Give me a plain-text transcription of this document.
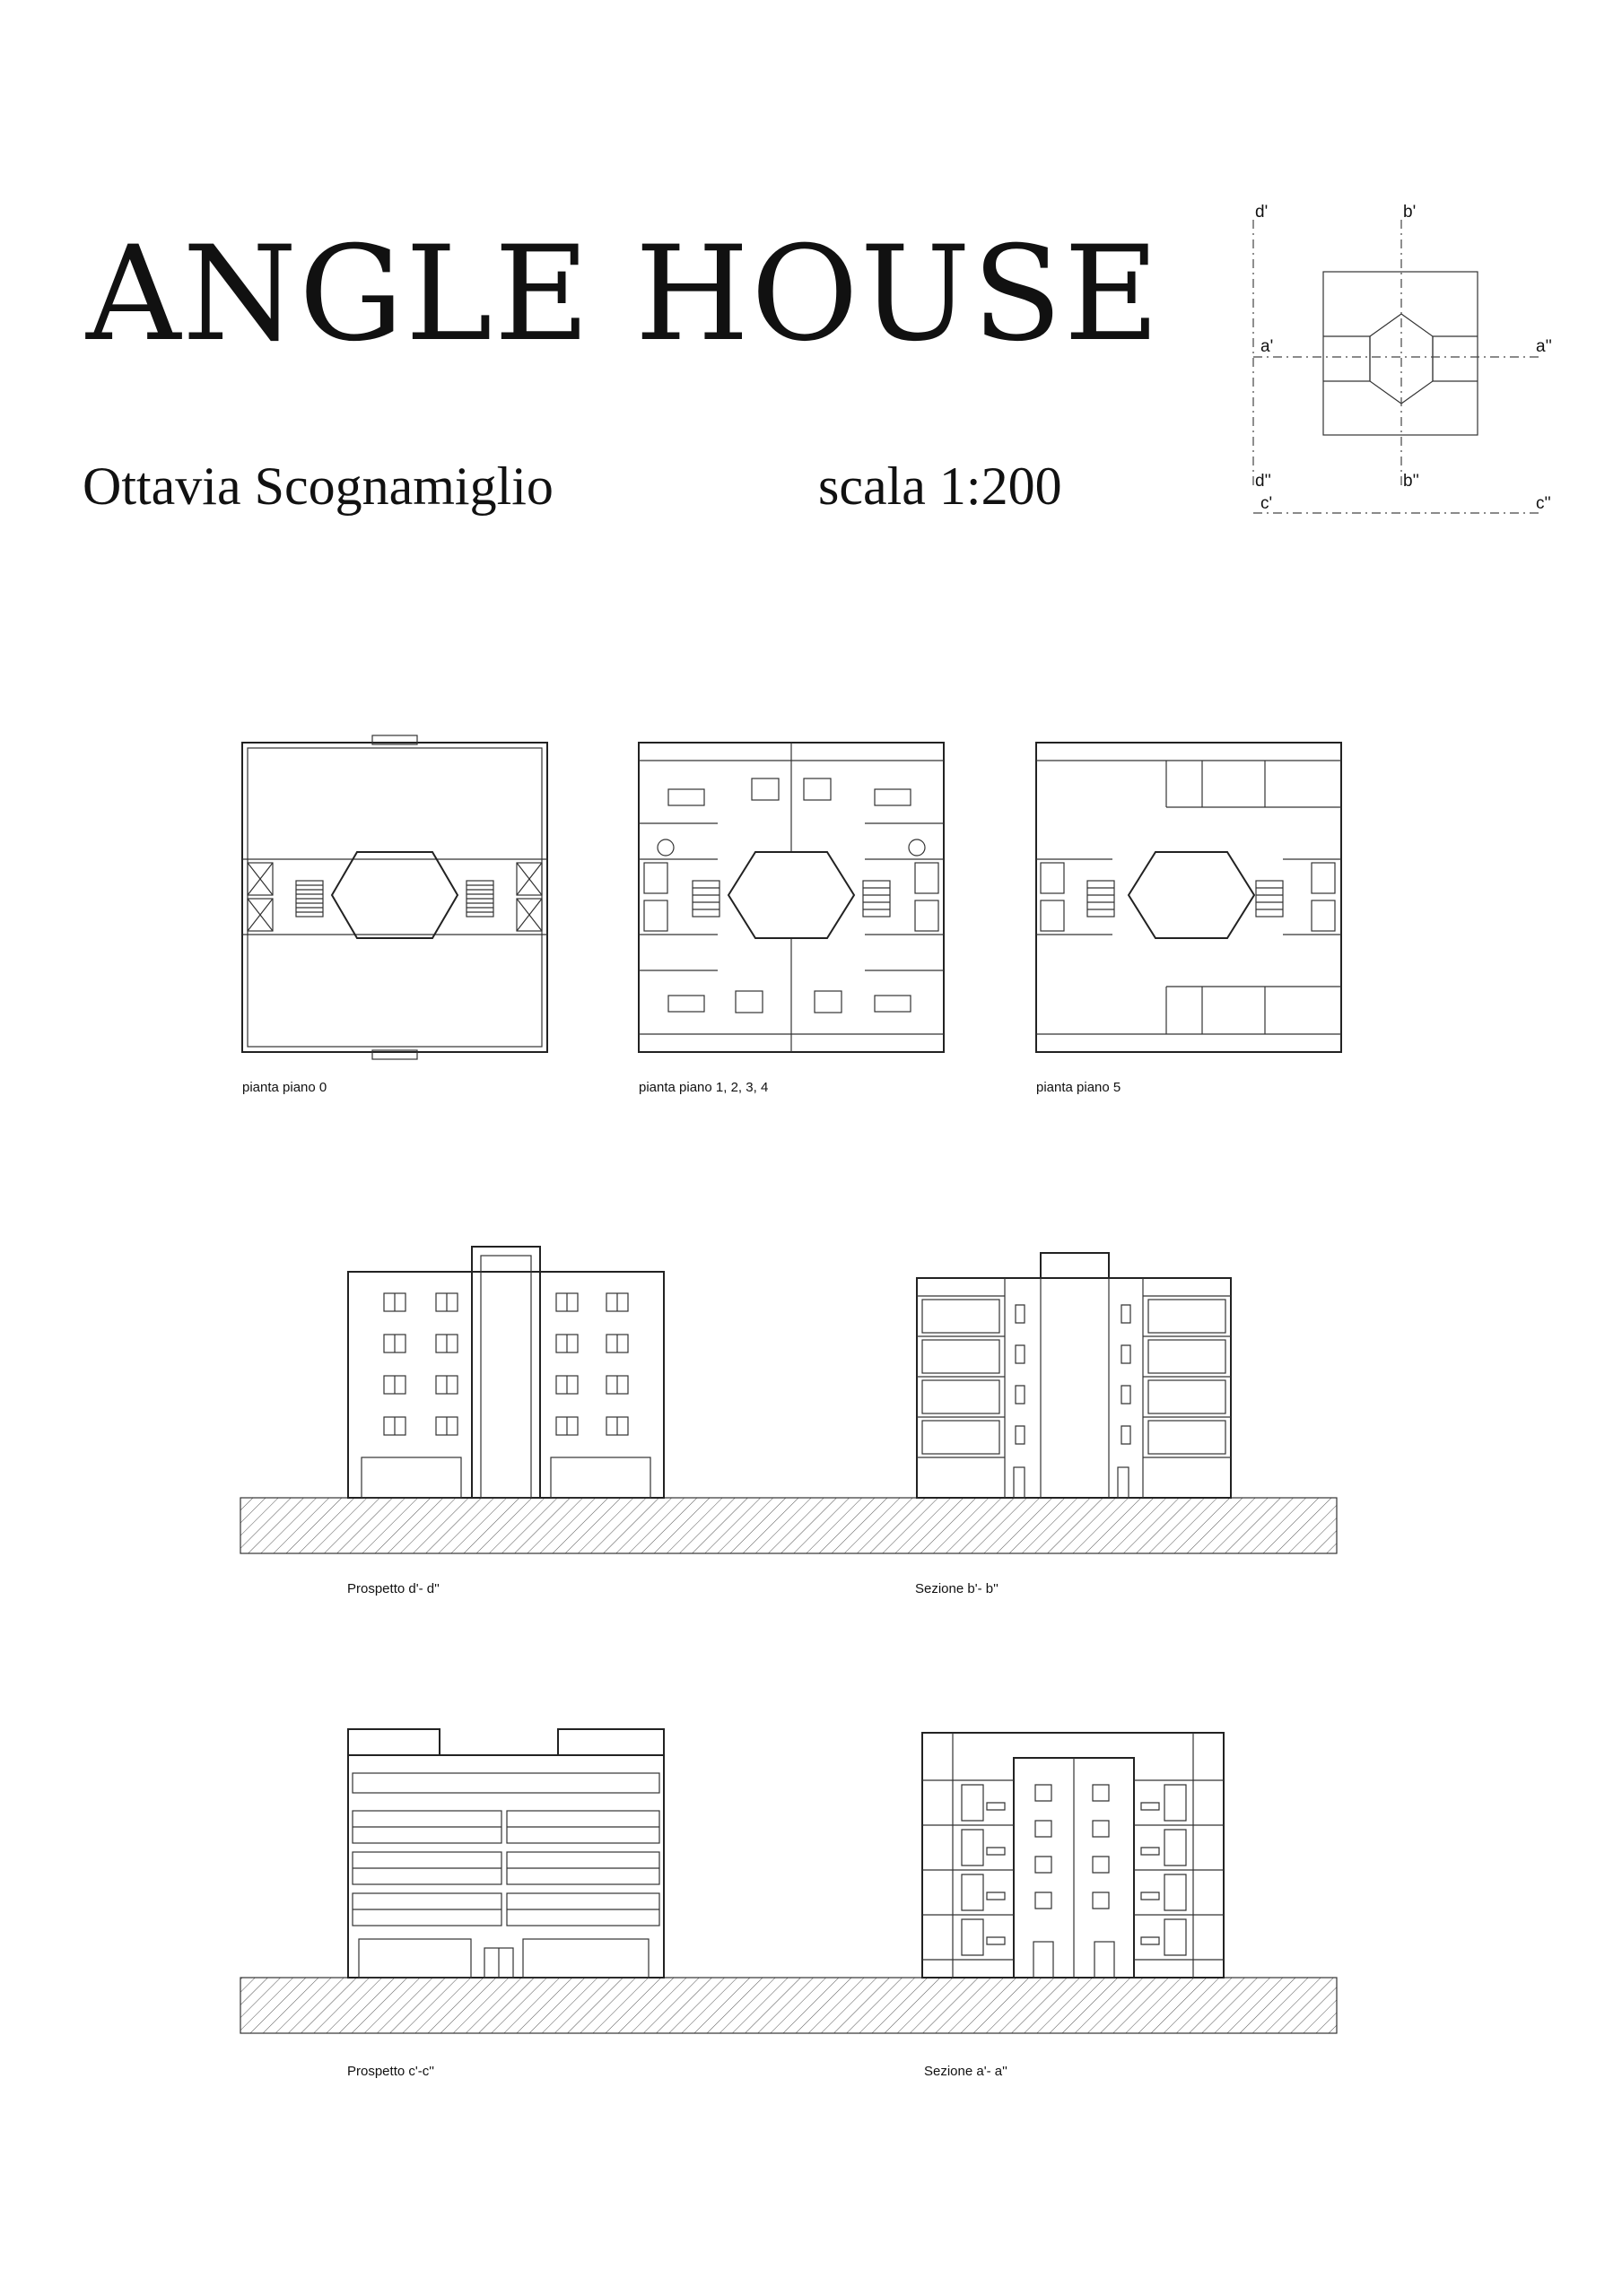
ANGLE HOUSE
Ottavia Scognamiglio	scala 1:200
d'	b'
a'	a''
d''	b''
c'	c''
pianta piano 0	pianta piano 1, 2, 3, 4	pianta piano 5
Prospetto d'- d''	Sezione b'- b''
Prospetto c'-c''	Sezione a'- a''
